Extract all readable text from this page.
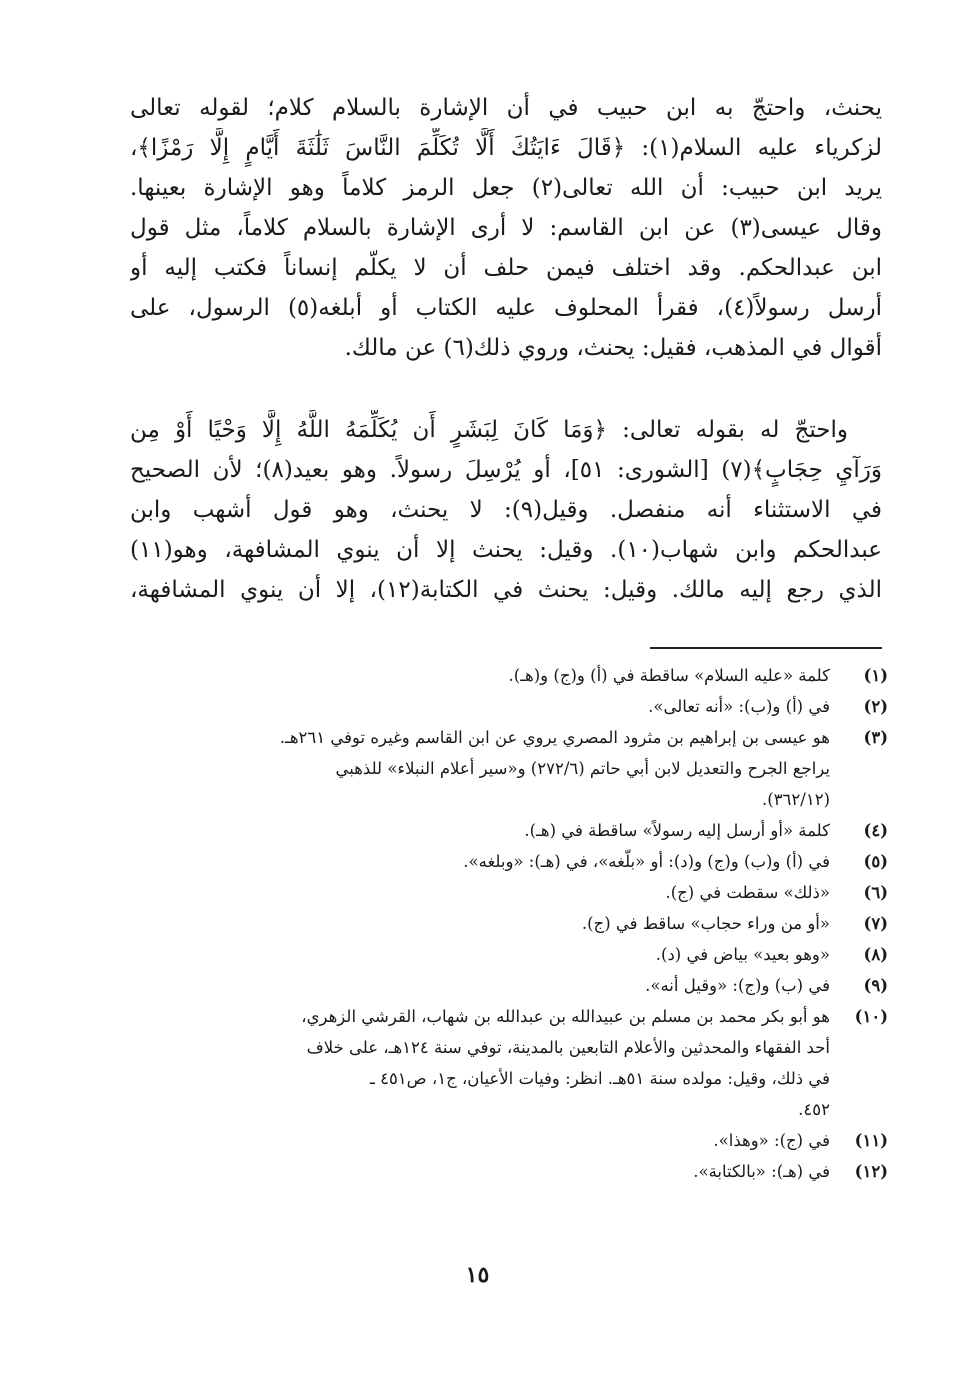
يحنث، واحتجّ به ابن حبيب في أن الإشارة بالسلام كلام؛ لقوله تعالى
لزكرياء عليه السلام(١): ﴿قَالَ ءَايَتُكَ أَلَّا تُكَلِّمَ النَّاسَ ثَلَٰثَةَ أَيَّامٍ إِلَّا رَمْزًا﴾،
يريد ابن حبيب: أن الله تعالى(٢) جعل الرمز كلاماً وهو الإشارة بعينها.
وقال عيسى(٣) عن ابن القاسم: لا أرى الإشارة بالسلام كلاماً، مثل قول
ابن عبدالحكم. وقد اختلف فيمن حلف أن لا يكلّم إنساناً فكتب إليه أو
أرسل رسولاً(٤)، فقرأ المحلوف عليه الكتاب أو أبلغه(٥) الرسول، على
أقوال في المذهب، فقيل: يحنث، وروي ذلك(٦) عن مالك.
واحتجّ له بقوله تعالى: ﴿وَمَا كَانَ لِبَشَرٍ أَن يُكَلِّمَهُ اللَّهُ إِلَّا وَحْيًا أَوْ مِن
وَرَآيِ حِجَابٍ﴾(٧) [الشورى: ٥١]، أو يُرْسِلَ رسولاً. وهو بعيد(٨)؛ لأن الصحيح
في الاستثناء أنه منفصل. وقيل(٩): لا يحنث، وهو قول أشهب وابن
عبدالحكم وابن شهاب(١٠). وقيل: يحنث إلا أن ينوي المشافهة، وهو(١١)
الذي رجع إليه مالك. وقيل: يحنث في الكتابة(١٢)، إلا أن ينوي المشافهة،
(١)
كلمة «عليه السلام» ساقطة في (أ) و(ج) و(هـ).
(٢)
في (أ) و(ب): «أنه تعالى».
(٣)
هو عيسى بن إبراهيم بن مثرود المصري يروي عن ابن القاسم وغيره توفي ٢٦١هـ.
يراجع الجرح والتعديل لابن أبي حاتم (٢٧٢/٦) و«سير أعلام النبلاء» للذهبي
(٣٦٢/١٢).
(٤)
كلمة «أو أرسل إليه رسولاً» ساقطة في (هـ).
(٥)
في (أ) و(ب) و(ج) و(د): أو «بلّغه»، في (هـ): «وبلغه».
(٦)
«ذلك» سقطت في (ج).
(٧)
«أو من وراء حجاب» ساقط في (ج).
(٨)
«وهو بعيد» بياض في (د).
(٩)
في (ب) و(ج): «وقيل أنه».
(١٠)
هو أبو بكر محمد بن مسلم بن عبيدالله بن عبدالله بن شهاب، القرشي الزهري،
أحد الفقهاء والمحدثين والأعلام التابعين بالمدينة، توفي سنة ١٢٤هـ، على خلاف
في ذلك، وقيل: مولده سنة ٥١هـ. انظر: وفيات الأعيان، ج١، ص٤٥١ ـ
٤٥٢.
(١١)
في (ج): «وهذا».
(١٢)
في (هـ): «بالكتابة».
١٥
